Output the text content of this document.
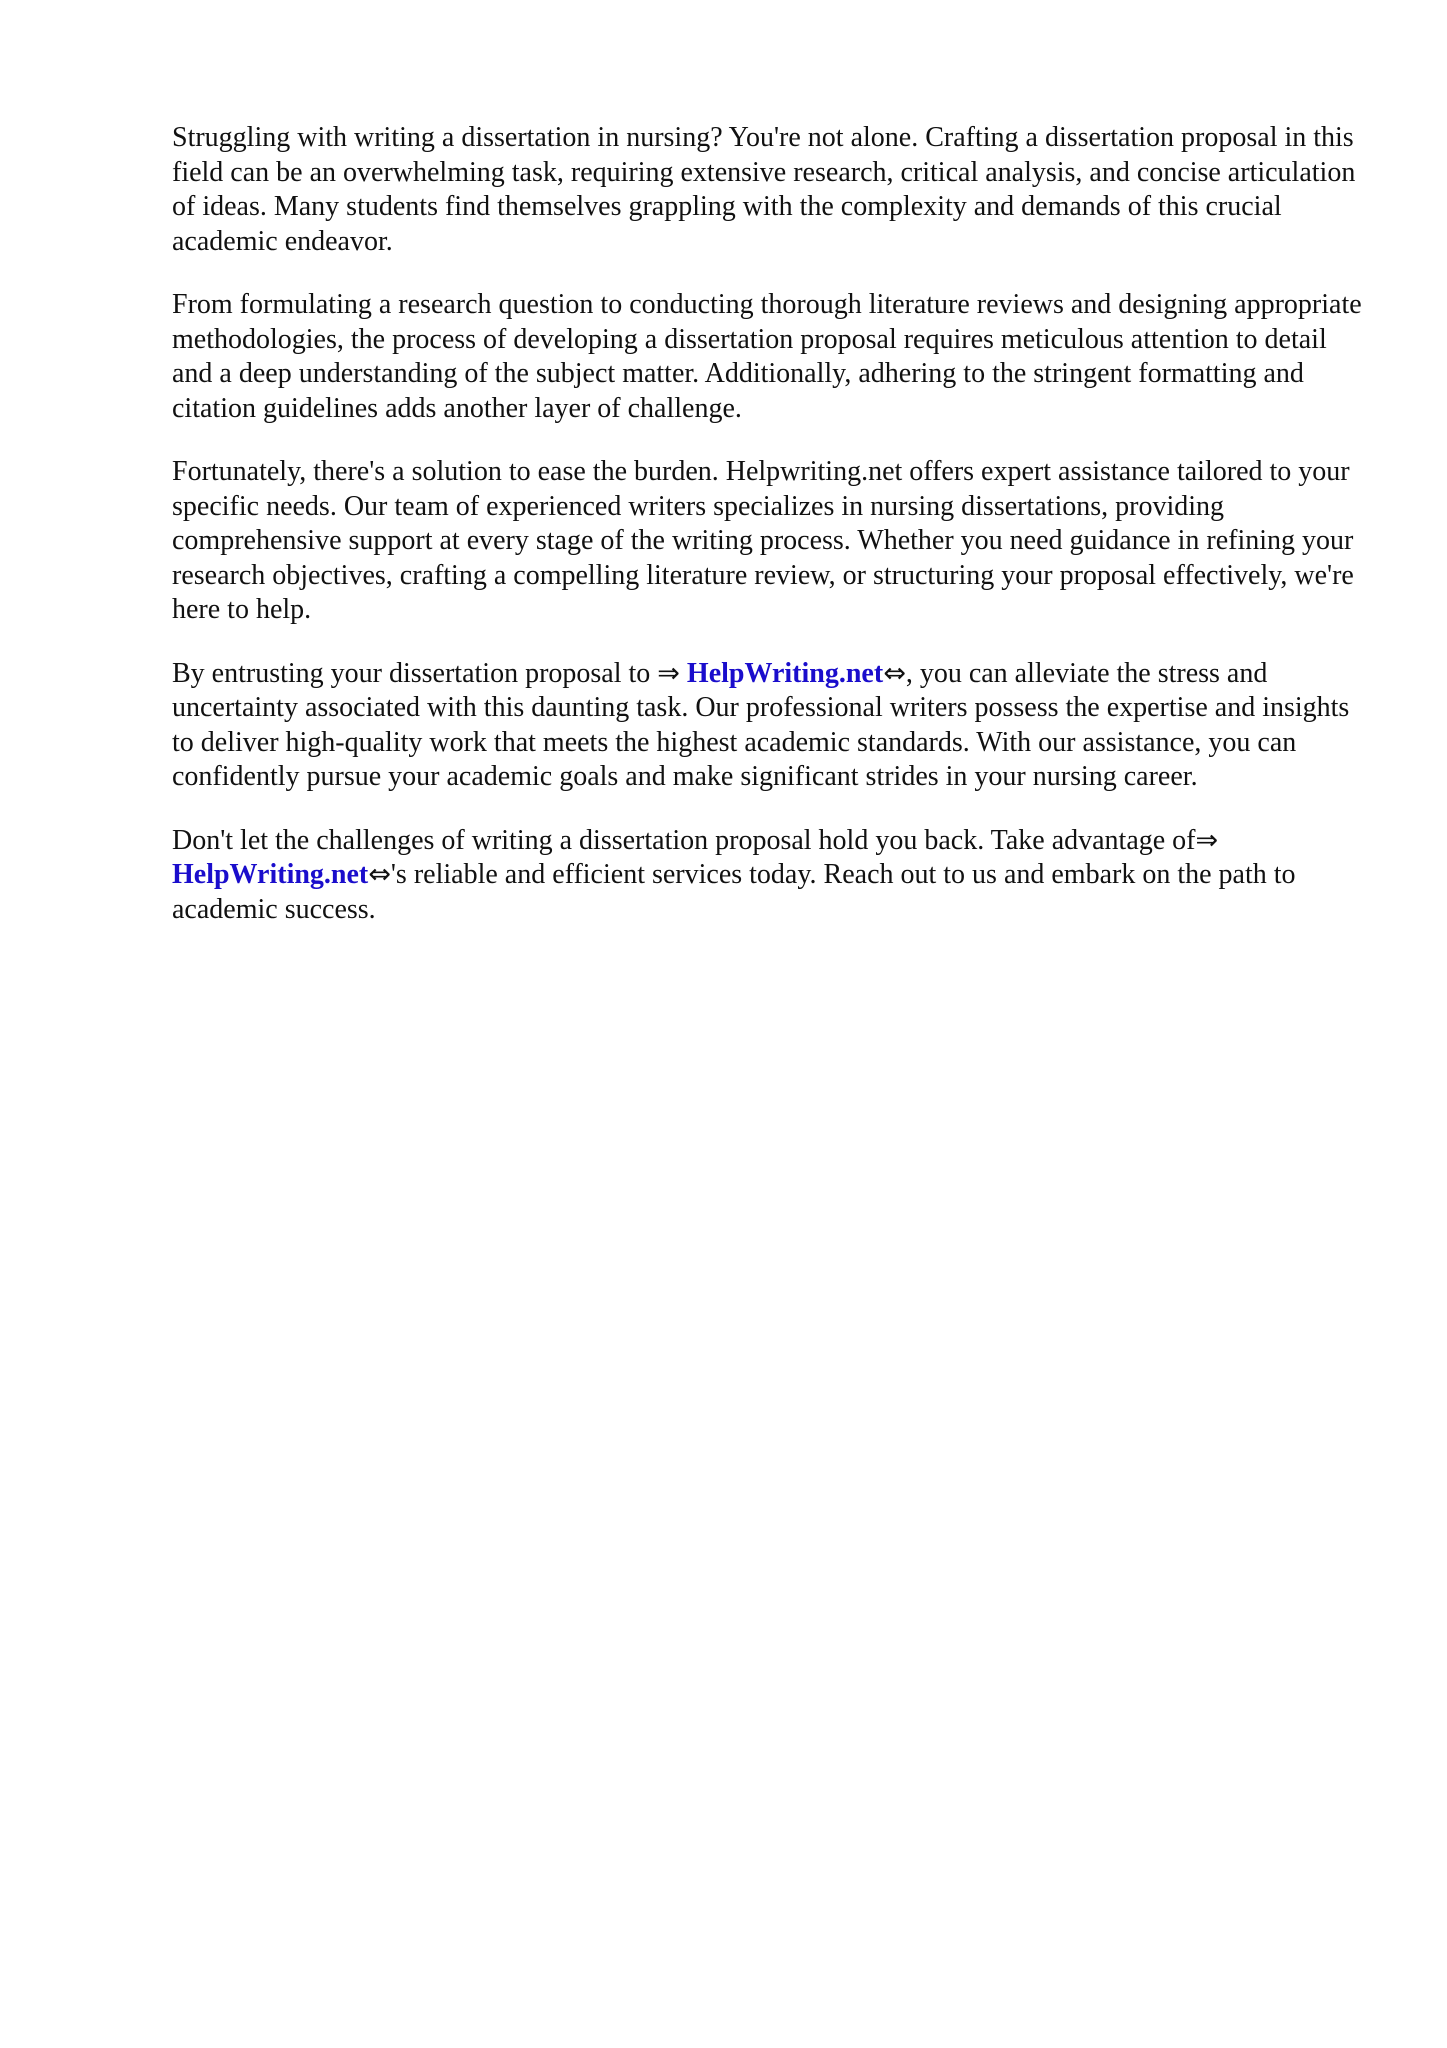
Struggling with writing a dissertation in nursing? You're not alone. Crafting a dissertation proposal in this field can be an overwhelming task, requiring extensive research, critical analysis, and concise articulation of ideas. Many students find themselves grappling with the complexity and demands of this crucial academic endeavor.

From formulating a research question to conducting thorough literature reviews and designing appropriate methodologies, the process of developing a dissertation proposal requires meticulous attention to detail and a deep understanding of the subject matter. Additionally, adhering to the stringent formatting and citation guidelines adds another layer of challenge.

Fortunately, there's a solution to ease the burden. Helpwriting.net offers expert assistance tailored to your specific needs. Our team of experienced writers specializes in nursing dissertations, providing comprehensive support at every stage of the writing process. Whether you need guidance in refining your research objectives, crafting a compelling literature review, or structuring your proposal effectively, we're here to help.

By entrusting your dissertation proposal to ⇒ HelpWriting.net⇔, you can alleviate the stress and uncertainty associated with this daunting task. Our professional writers possess the expertise and insights to deliver high-quality work that meets the highest academic standards. With our assistance, you can confidently pursue your academic goals and make significant strides in your nursing career.

Don't let the challenges of writing a dissertation proposal hold you back. Take advantage of⇒ HelpWriting.net⇔'s reliable and efficient services today. Reach out to us and embark on the path to academic success.
